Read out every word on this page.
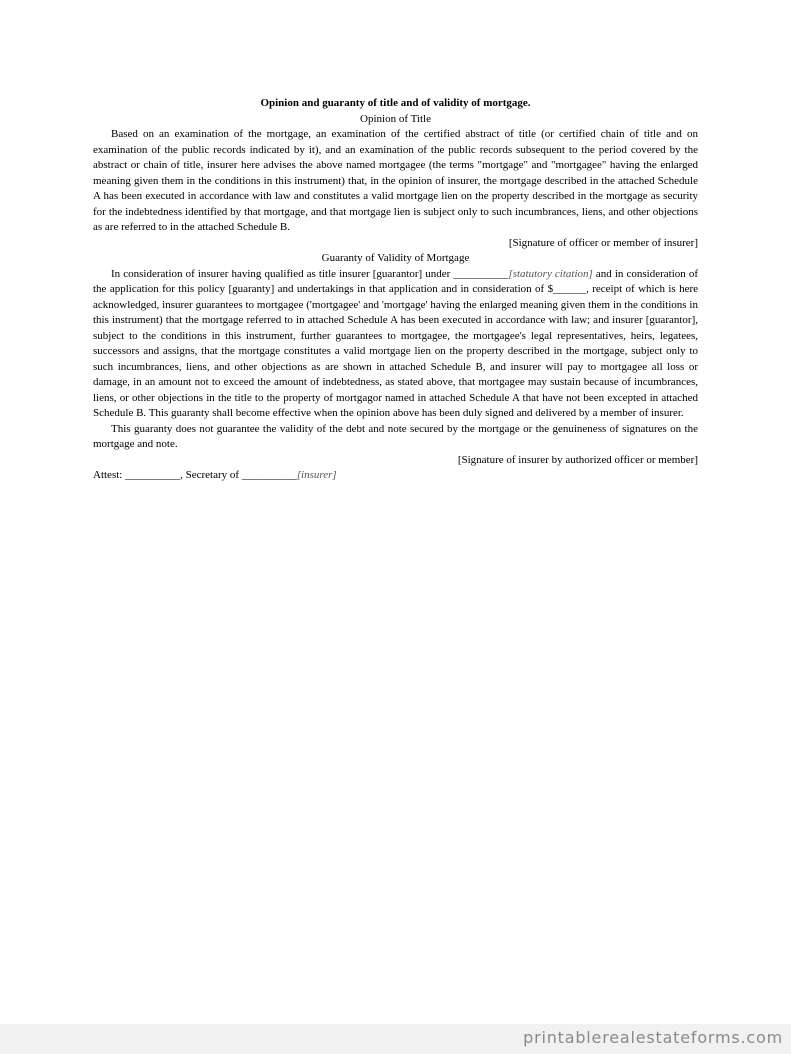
Opinion and guaranty of title and of validity of mortgage.
Opinion of Title

Based on an examination of the mortgage, an examination of the certified abstract of title (or certified chain of title and on examination of the public records indicated by it), and an examination of the public records subsequent to the period covered by the abstract or chain of title, insurer here advises the above named mortgagee (the terms "mortgage" and "mortgagee" having the enlarged meaning given them in the conditions in this instrument) that, in the opinion of insurer, the mortgage described in the attached Schedule A has been executed in accordance with law and constitutes a valid mortgage lien on the property described in the mortgage as security for the indebtedness identified by that mortgage, and that mortgage lien is subject only to such incumbrances, liens, and other objections as are referred to in the attached Schedule B.

[Signature of officer or member of insurer]

Guaranty of Validity of Mortgage

In consideration of insurer having qualified as title insurer [guarantor] under __________[statutory citation] and in consideration of the application for this policy [guaranty] and undertakings in that application and in consideration of $______, receipt of which is here acknowledged, insurer guarantees to mortgagee ('mortgagee' and 'mortgage' having the enlarged meaning given them in the conditions in this instrument) that the mortgage referred to in attached Schedule A has been executed in accordance with law; and insurer [guarantor], subject to the conditions in this instrument, further guarantees to mortgagee, the mortgagee's legal representatives, heirs, legatees, successors and assigns, that the mortgage constitutes a valid mortgage lien on the property described in the mortgage, subject only to such incumbrances, liens, and other objections as are shown in attached Schedule B, and insurer will pay to mortgagee all loss or damage, in an amount not to exceed the amount of indebtedness, as stated above, that mortgagee may sustain because of incumbrances, liens, or other objections in the title to the property of mortgagor named in attached Schedule A that have not been excepted in attached Schedule B. This guaranty shall become effective when the opinion above has been duly signed and delivered by a member of insurer.

This guaranty does not guarantee the validity of the debt and note secured by the mortgage or the genuineness of signatures on the mortgage and note.

[Signature of insurer by authorized officer or member]

Attest: __________, Secretary of __________[insurer]

printablerealestateforms.com
